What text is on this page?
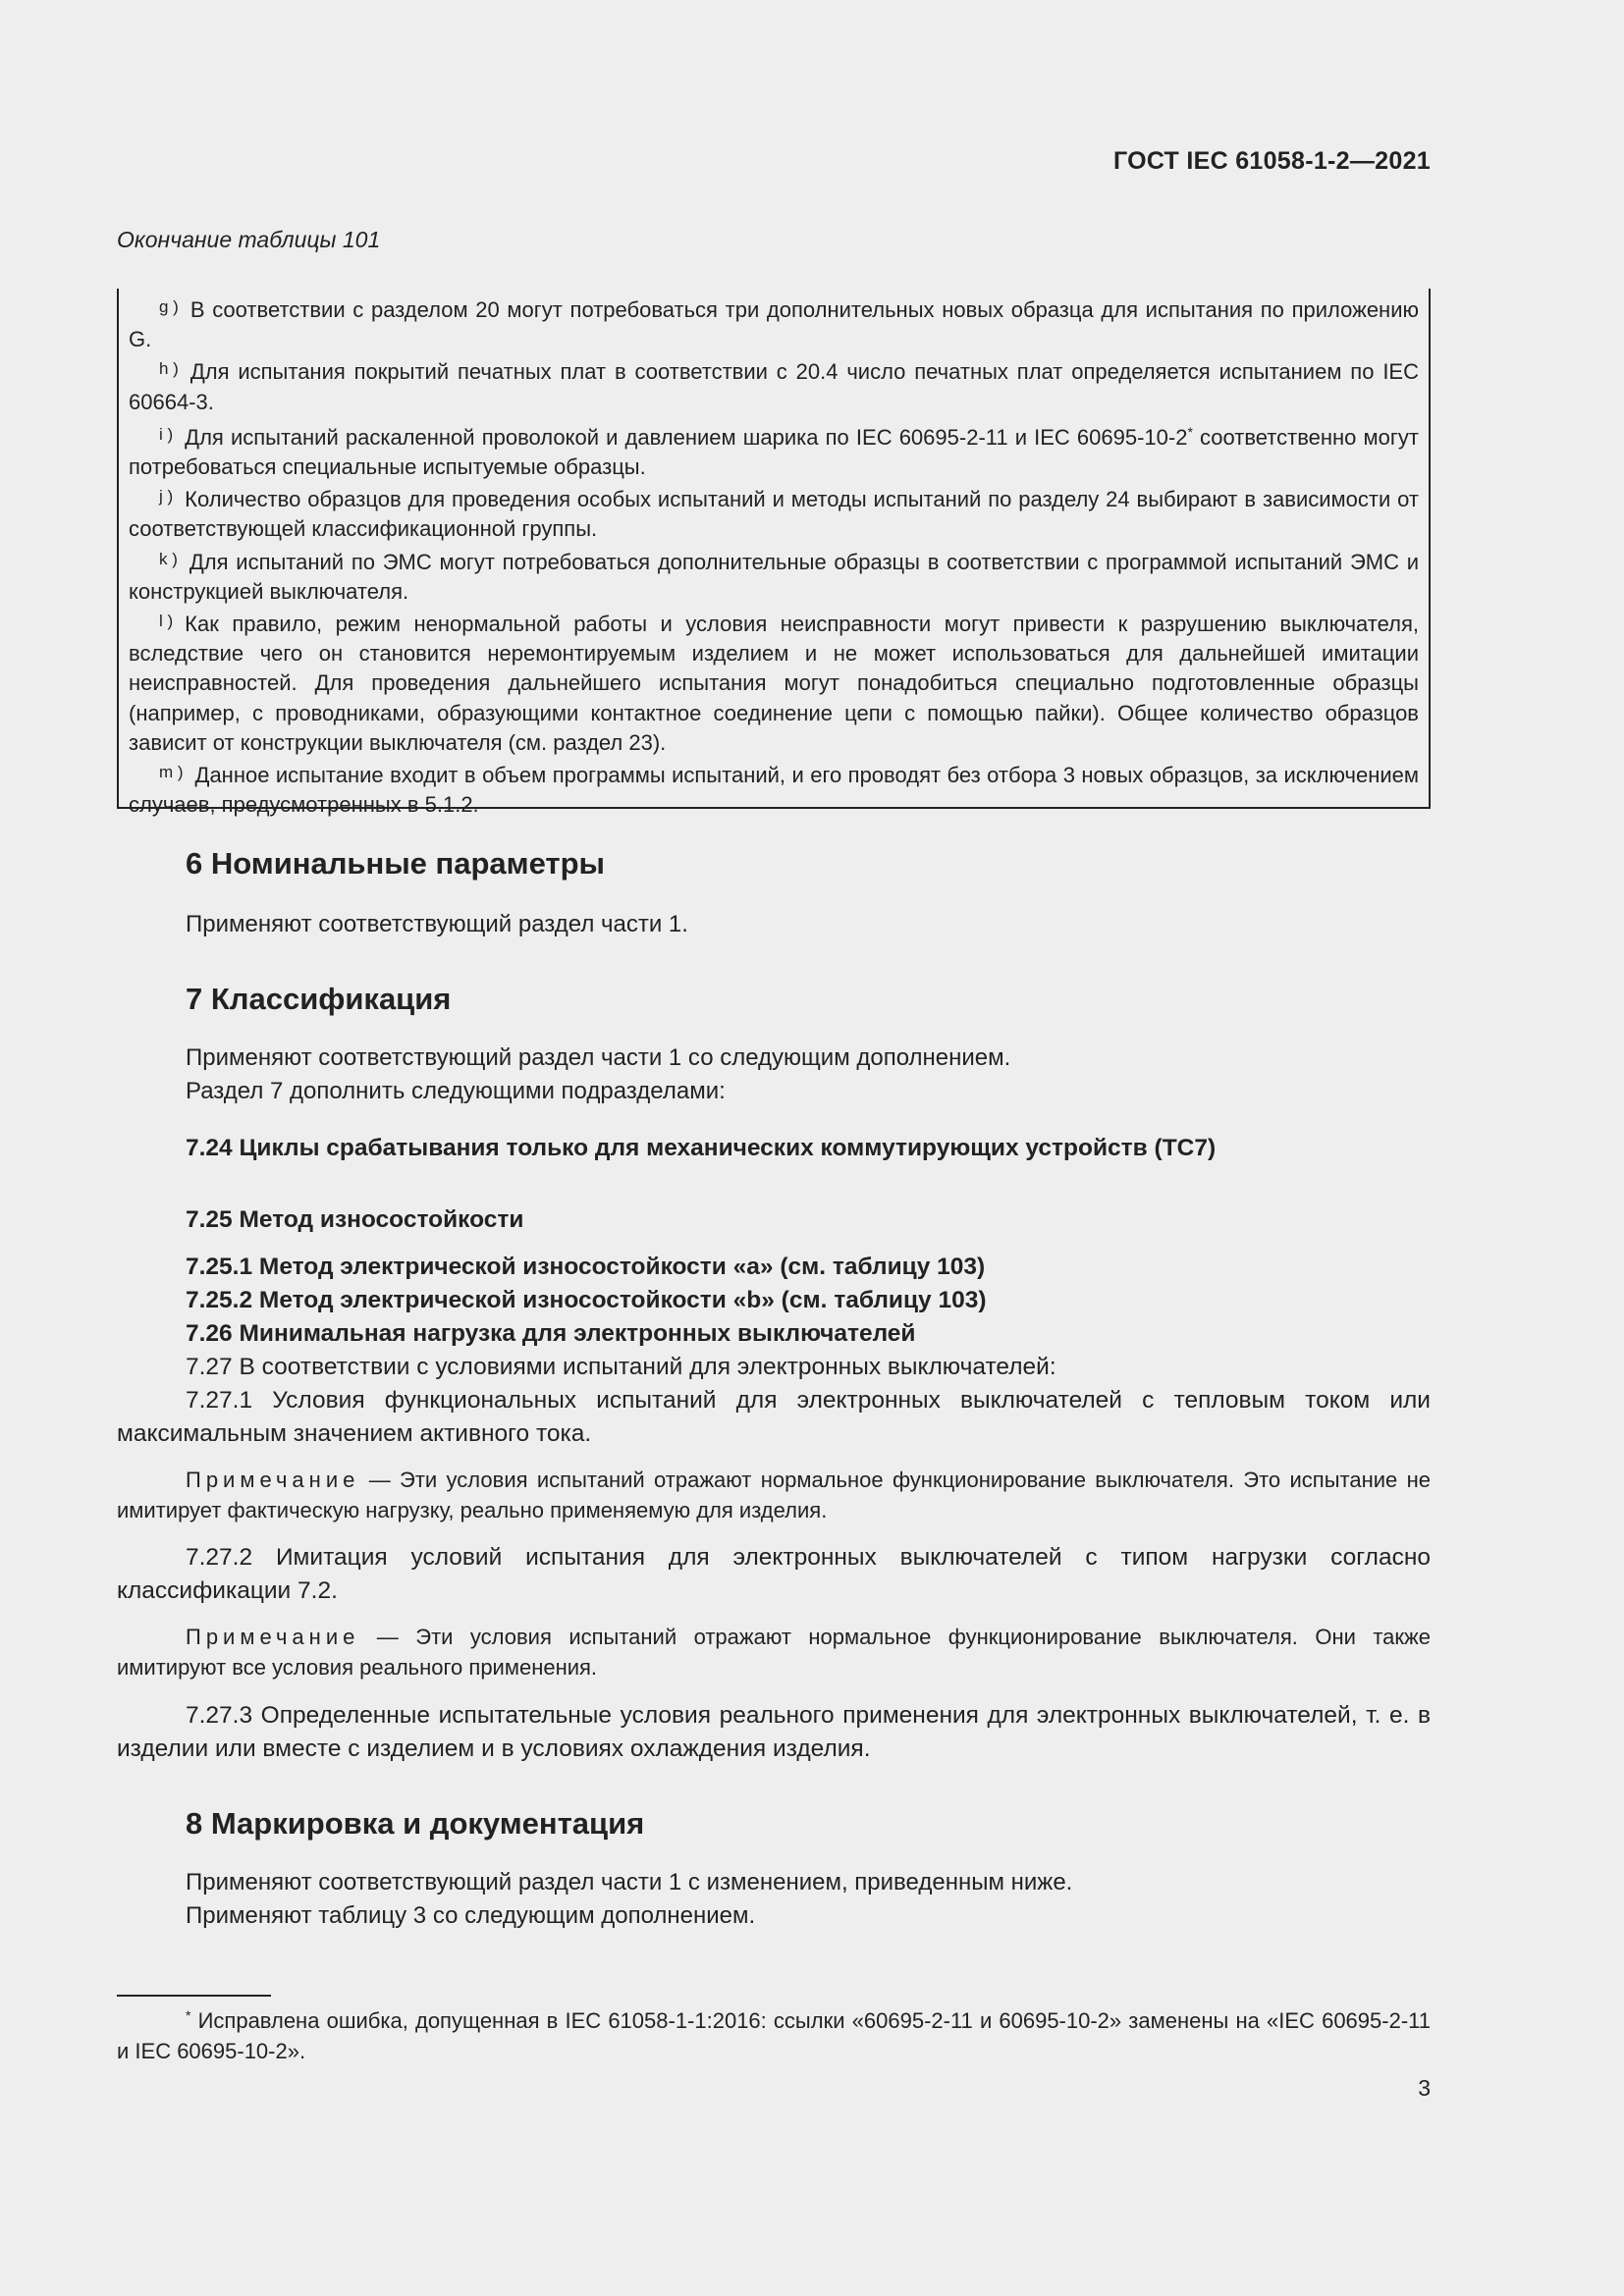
ГОСТ IEC 61058-1-2—2021
Окончание таблицы 101

g ) В соответствии с разделом 20 могут потребоваться три дополнительных новых образца для испытания по приложению G.

h ) Для испытания покрытий печатных плат в соответствии с 20.4 число печатных плат определяется испытанием по IEC 60664-3.

i ) Для испытаний раскаленной проволокой и давлением шарика по IEC 60695-2-11 и IEC 60695-10-2* соответственно могут потребоваться специальные испытуемые образцы.

j ) Количество образцов для проведения особых испытаний и методы испытаний по разделу 24 выбирают в зависимости от соответствующей классификационной группы.

k ) Для испытаний по ЭМС могут потребоваться дополнительные образцы в соответствии с программой испытаний ЭМС и конструкцией выключателя.

l ) Как правило, режим ненормальной работы и условия неисправности могут привести к разрушению выключателя, вследствие чего он становится неремонтируемым изделием и не может использоваться для дальнейшей имитации неисправностей. Для проведения дальнейшего испытания могут понадобиться специально подготовленные образцы (например, с проводниками, образующими контактное соединение цепи с помощью пайки). Общее количество образцов зависит от конструкции выключателя (см. раздел 23).

m ) Данное испытание входит в объем программы испытаний, и его проводят без отбора 3 новых образцов, за исключением случаев, предусмотренных в 5.1.2.

6 Номинальные параметры
Применяют соответствующий раздел части 1.
7 Классификация
Применяют соответствующий раздел части 1 со следующим дополнением.
Раздел 7 дополнить следующими подразделами:
7.24 Циклы срабатывания только для механических коммутирующих устройств (ТС7)
7.25 Метод износостойкости
7.25.1 Метод электрической износостойкости «a» (см. таблицу 103)
7.25.2 Метод электрической износостойкости «b» (см. таблицу 103)
7.26 Минимальная нагрузка для электронных выключателей
7.27 В соответствии с условиями испытаний для электронных выключателей:
7.27.1 Условия функциональных испытаний для электронных выключателей с тепловым током или максимальным значением активного тока.
Примечание — Эти условия испытаний отражают нормальное функционирование выключателя. Это испытание не имитирует фактическую нагрузку, реально применяемую для изделия.
7.27.2 Имитация условий испытания для электронных выключателей с типом нагрузки согласно классификации 7.2.
Примечание — Эти условия испытаний отражают нормальное функционирование выключателя. Они также имитируют все условия реального применения.
7.27.3 Определенные испытательные условия реального применения для электронных выключателей, т. е. в изделии или вместе с изделием и в условиях охлаждения изделия.
8 Маркировка и документация
Применяют соответствующий раздел части 1 с изменением, приведенным ниже.
Применяют таблицу 3 со следующим дополнением.
* Исправлена ошибка, допущенная в IEC 61058-1-1:2016: ссылки «60695-2-11 и 60695-10-2» заменены на «IEC 60695-2-11 и IEC 60695-10-2».
3
